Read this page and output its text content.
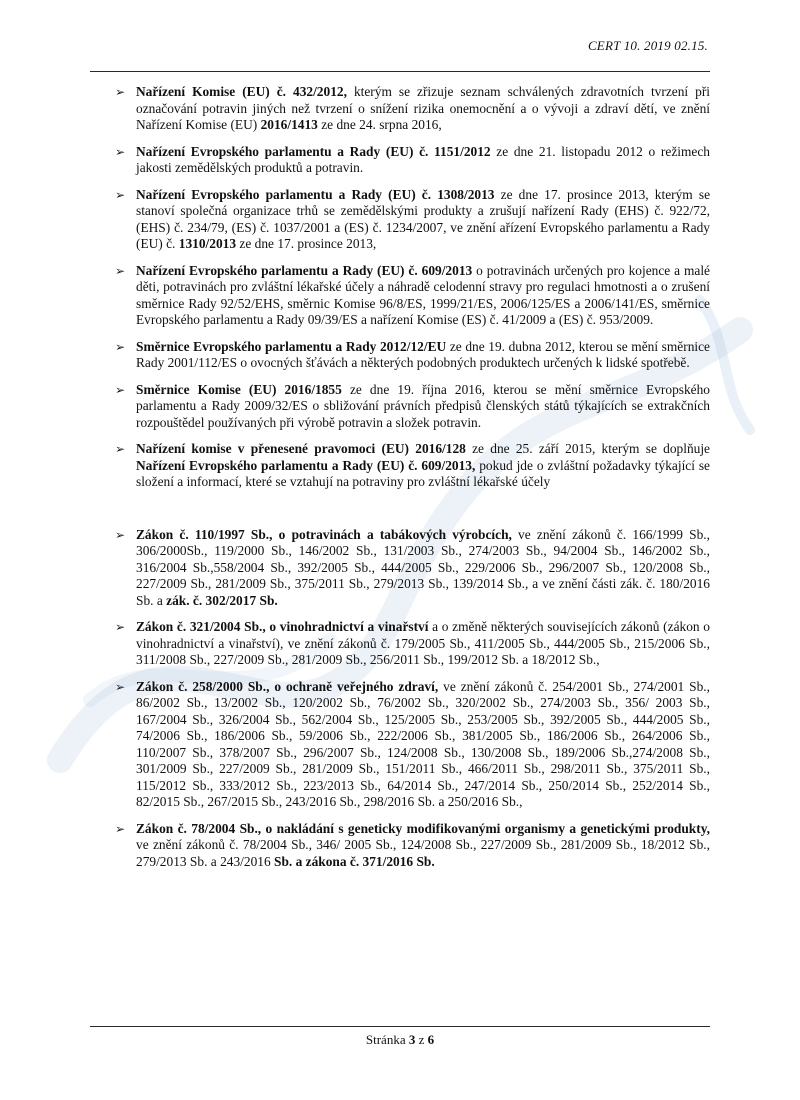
CERT 10. 2019 02.15.
➢ Nařízení Komise (EU) č. 432/2012, kterým se zřizuje seznam schválených zdravotních tvrzení při označování potravin jiných než tvrzení o snížení rizika onemocnění a o vývoji a zdraví dětí, ve znění Nařízení Komise (EU) 2016/1413 ze dne 24. srpna 2016,

➢ Nařízení Evropského parlamentu a Rady (EU) č. 1151/2012 ze dne 21. listopadu 2012 o režimech jakosti zemědělských produktů a potravin.

➢ Nařízení Evropského parlamentu a Rady (EU) č. 1308/2013 ze dne 17. prosince 2013, kterým se stanoví společná organizace trhů se zemědělskými produkty a zrušují nařízení Rady (EHS) č. 922/72, (EHS) č. 234/79, (ES) č. 1037/2001 a (ES) č. 1234/2007, ve znění ařízení Evropského parlamentu a Rady (EU) č. 1310/2013 ze dne 17. prosince 2013,

➢ Nařízení Evropského parlamentu a Rady (EU) č. 609/2013 o potravinách určených pro kojence a malé děti, potravinách pro zvláštní lékařské účely a náhradě celodenní stravy pro regulaci hmotnosti a o zrušení směrnice Rady 92/52/EHS, směrnic Komise 96/8/ES, 1999/21/ES, 2006/125/ES a 2006/141/ES, směrnice Evropského parlamentu a Rady 09/39/ES a nařízení Komise (ES) č. 41/2009 a (ES) č. 953/2009.

➢ Směrnice Evropského parlamentu a Rady 2012/12/EU ze dne 19. dubna 2012, kterou se mění směrnice Rady 2001/112/ES o ovocných šťávách a některých podobných produktech určených k lidské spotřebě.

➢ Směrnice Komise (EU) 2016/1855 ze dne 19. října 2016, kterou se mění směrnice Evropského parlamentu a Rady 2009/32/ES o sbližování právních předpisů členských států týkajících se extrakčních rozpouštědel používaných při výrobě potravin a složek potravin.

➢ Nařízení komise v přenesené pravomoci (EU) 2016/128 ze dne 25. září 2015, kterým se doplňuje Nařízení Evropského parlamentu a Rady (EU) č. 609/2013, pokud jde o zvláštní požadavky týkající se složení a informací, které se vztahují na potraviny pro zvláštní lékařské účely

➢ Zákon č. 110/1997 Sb., o potravinách a tabákových výrobcích, ve znění zákonů č. 166/1999 Sb., 306/2000Sb., 119/2000 Sb., 146/2002 Sb., 131/2003 Sb., 274/2003 Sb., 94/2004 Sb., 146/2002 Sb., 316/2004 Sb.,558/2004 Sb., 392/2005 Sb., 444/2005 Sb., 229/2006 Sb., 296/2007 Sb., 120/2008 Sb., 227/2009 Sb., 281/2009 Sb., 375/2011 Sb., 279/2013 Sb., 139/2014 Sb., a ve znění části zák. č. 180/2016 Sb. a zák. č. 302/2017 Sb.

➢ Zákon č. 321/2004 Sb., o vinohradnictví a vinařství a o změně některých souvisejících zákonů (zákon o vinohradnictví a vinařství), ve znění zákonů č. 179/2005 Sb., 411/2005 Sb., 444/2005 Sb., 215/2006 Sb., 311/2008 Sb., 227/2009 Sb., 281/2009 Sb., 256/2011 Sb., 199/2012 Sb. a 18/2012 Sb.,

➢ Zákon č. 258/2000 Sb., o ochraně veřejného zdraví, ve znění zákonů č. 254/2001 Sb., 274/2001 Sb., 86/2002 Sb., 13/2002 Sb., 120/2002 Sb., 76/2002 Sb., 320/2002 Sb., 274/2003 Sb., 356/ 2003 Sb., 167/2004 Sb., 326/2004 Sb., 562/2004 Sb., 125/2005 Sb., 253/2005 Sb., 392/2005 Sb., 444/2005 Sb., 74/2006 Sb., 186/2006 Sb., 59/2006 Sb., 222/2006 Sb., 381/2005 Sb., 186/2006 Sb., 264/2006 Sb., 110/2007 Sb., 378/2007 Sb., 296/2007 Sb., 124/2008 Sb., 130/2008 Sb., 189/2006 Sb.,274/2008 Sb., 301/2009 Sb., 227/2009 Sb., 281/2009 Sb., 151/2011 Sb., 466/2011 Sb., 298/2011 Sb., 375/2011 Sb., 115/2012 Sb., 333/2012 Sb., 223/2013 Sb., 64/2014 Sb., 247/2014 Sb., 250/2014 Sb., 252/2014 Sb., 82/2015 Sb., 267/2015 Sb., 243/2016 Sb., 298/2016 Sb. a 250/2016 Sb.,

➢ Zákon č. 78/2004 Sb., o nakládání s geneticky modifikovanými organismy a genetickými produkty, ve znění zákonů č. 78/2004 Sb., 346/ 2005 Sb., 124/2008 Sb., 227/2009 Sb., 281/2009 Sb., 18/2012 Sb., 279/2013 Sb. a 243/2016 Sb. a zákona č. 371/2016 Sb.

Stránka 3 z 6
